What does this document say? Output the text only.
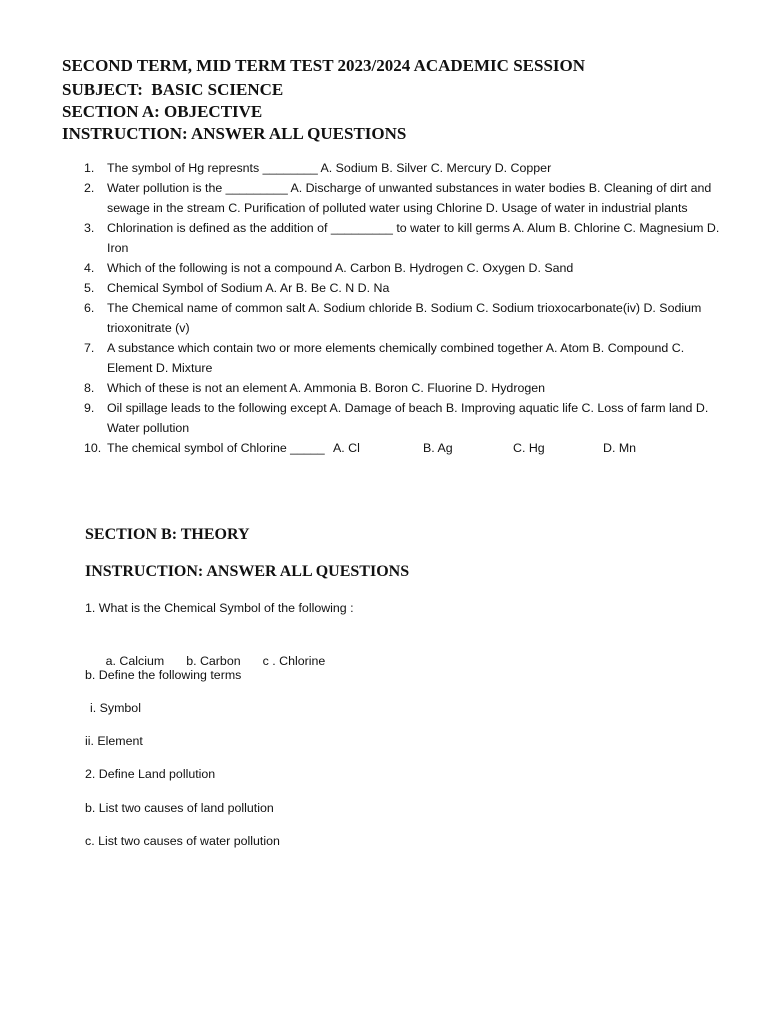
SECOND TERM, MID TERM TEST 2023/2024 ACADEMIC SESSION
SUBJECT:  BASIC SCIENCE
SECTION A: OBJECTIVE
INSTRUCTION: ANSWER ALL QUESTIONS
1. The symbol of Hg represnts ________ A. Sodium B. Silver C. Mercury D. Copper
2. Water pollution is the _________ A. Discharge of unwanted substances in water bodies B. Cleaning of dirt and sewage in the stream C. Purification of polluted water using Chlorine D. Usage of water in industrial plants
3. Chlorination is defined as the addition of _________ to water to kill germs A. Alum B. Chlorine C. Magnesium D. Iron
4. Which of the following is not a compound A. Carbon B. Hydrogen C. Oxygen D. Sand
5. Chemical Symbol of Sodium A. Ar B. Be C. N D. Na
6. The Chemical name of common salt A. Sodium chloride B. Sodium C. Sodium trioxocarbonate(iv) D. Sodium trioxonitrate (v)
7. A substance which contain two or more elements chemically combined together A. Atom B. Compound C. Element D. Mixture
8. Which of these is not an element A. Ammonia B. Boron C. Fluorine D. Hydrogen
9. Oil spillage leads to the following except A. Damage of beach B. Improving aquatic life C. Loss of farm land D. Water pollution
10. The chemical symbol of Chlorine _____ A. Cl	B. Ag	C. Hg	D. Mn
SECTION B: THEORY
INSTRUCTION: ANSWER ALL QUESTIONS
1. What is the Chemical Symbol of the following :

a. Calcium b. Carbon c . Chlorine

b. Define the following terms
i. Symbol
ii. Element
2. Define Land pollution
b. List two causes of land pollution
c. List two causes of water pollution
